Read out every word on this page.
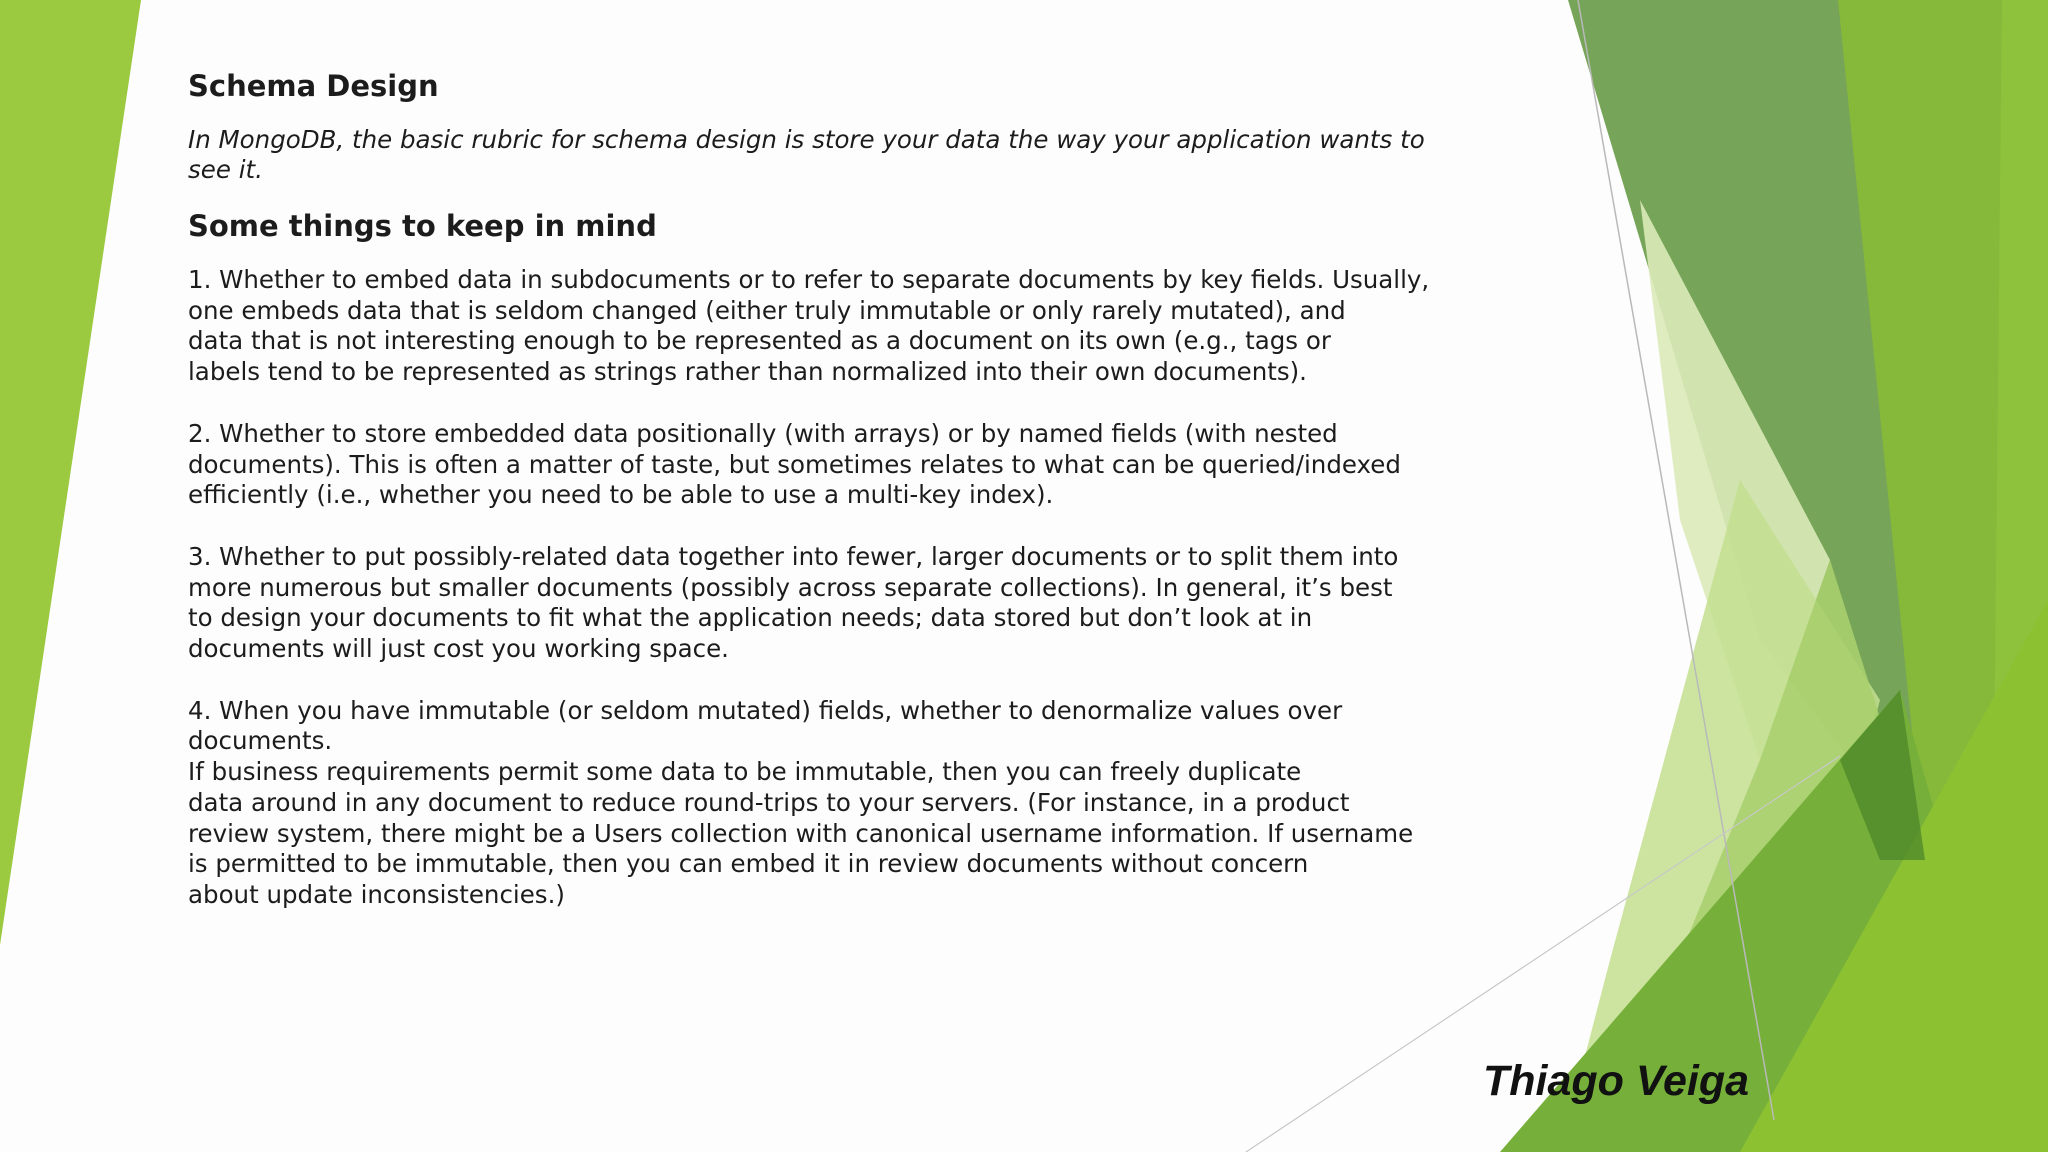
Schema Design

In MongoDB, the basic rubric for schema design is store your data the way your application wants to see it.

Some things to keep in mind

1. Whether to embed data in subdocuments or to refer to separate documents by key fields. Usually,
one embeds data that is seldom changed (either truly immutable or only rarely mutated), and
data that is not interesting enough to be represented as a document on its own (e.g., tags or
labels tend to be represented as strings rather than normalized into their own documents).

2. Whether to store embedded data positionally (with arrays) or by named fields (with nested
documents). This is often a matter of taste, but sometimes relates to what can be queried/indexed
efficiently (i.e., whether you need to be able to use a multi-key index).

3. Whether to put possibly-related data together into fewer, larger documents or to split them into
more numerous but smaller documents (possibly across separate collections). In general, it’s best
to design your documents to fit what the application needs; data stored but don’t look at in
documents will just cost you working space.

4. When you have immutable (or seldom mutated) fields, whether to denormalize values over documents.
If business requirements permit some data to be immutable, then you can freely duplicate
data around in any document to reduce round-trips to your servers. (For instance, in a product
review system, there might be a Users collection with canonical username information. If username
is permitted to be immutable, then you can embed it in review documents without concern
about update inconsistencies.)

Thiago Veiga
